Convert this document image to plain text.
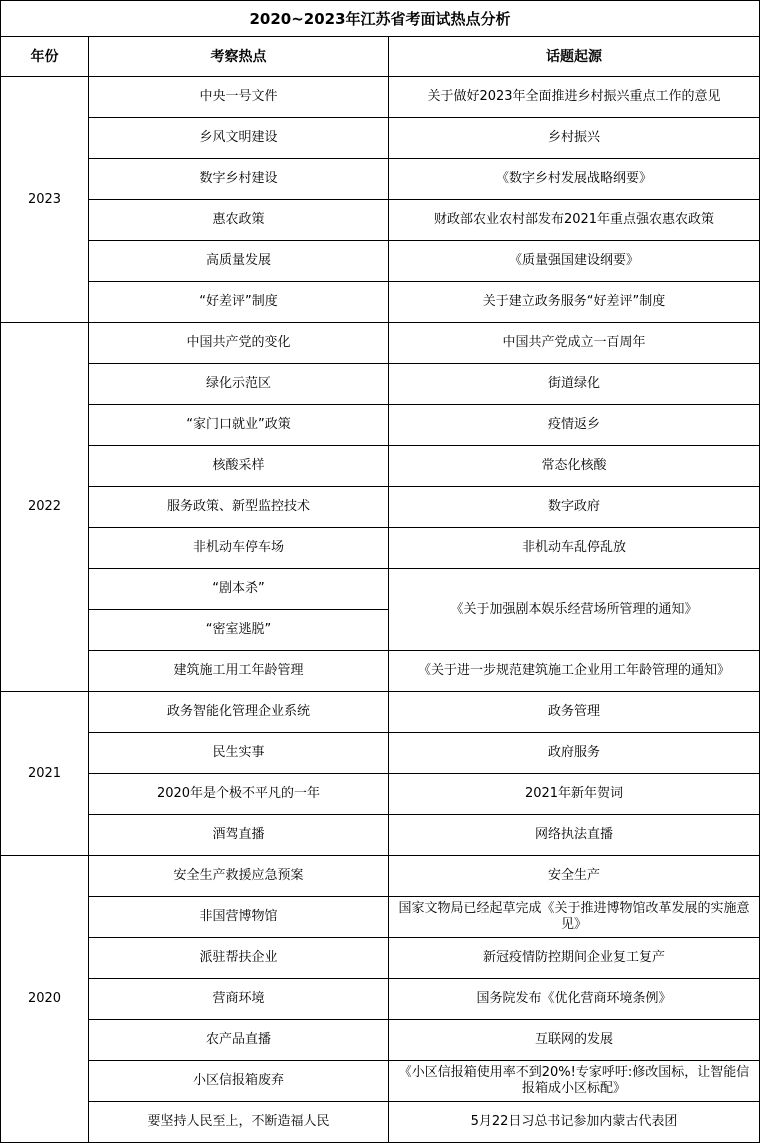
2020~2023年江苏省考面试热点分析		
年份	考察热点	话题起源
2023	中央一号文件	关于做好2023年全面推进乡村振兴重点工作的意见
	乡风文明建设	乡村振兴
	数字乡村建设	《数字乡村发展战略纲要》
	惠农政策	财政部农业农村部发布2021年重点强农惠农政策
	高质量发展	《质量强国建设纲要》
	“好差评”制度	关于建立政务服务“好差评”制度
2022	中国共产党的变化	中国共产党成立一百周年
	绿化示范区	街道绿化
	“家门口就业”政策	疫情返乡
	核酸采样	常态化核酸
	服务政策、新型监控技术	数字政府
	非机动车停车场	非机动车乱停乱放
	“剧本杀”	《关于加强剧本娱乐经营场所管理的通知》
	“密室逃脱”	
	建筑施工用工年龄管理	《关于进一步规范建筑施工企业用工年龄管理的通知》
2021	政务智能化管理企业系统	政务管理
	民生实事	政府服务
	2020年是个极不平凡的一年	2021年新年贺词
	酒驾直播	网络执法直播
2020	安全生产救援应急预案	安全生产
	非国营博物馆	国家文物局已经起草完成《关于推进博物馆改革发展的实施意见》
	派驻帮扶企业	新冠疫情防控期间企业复工复产
	营商环境	国务院发布《优化营商环境条例》
	农产品直播	互联网的发展
	小区信报箱废弃	《小区信报箱使用率不到20%!专家呼吁:修改国标，让智能信报箱成小区标配》
	要坚持人民至上，不断造福人民	5月22日习总书记参加内蒙古代表团
